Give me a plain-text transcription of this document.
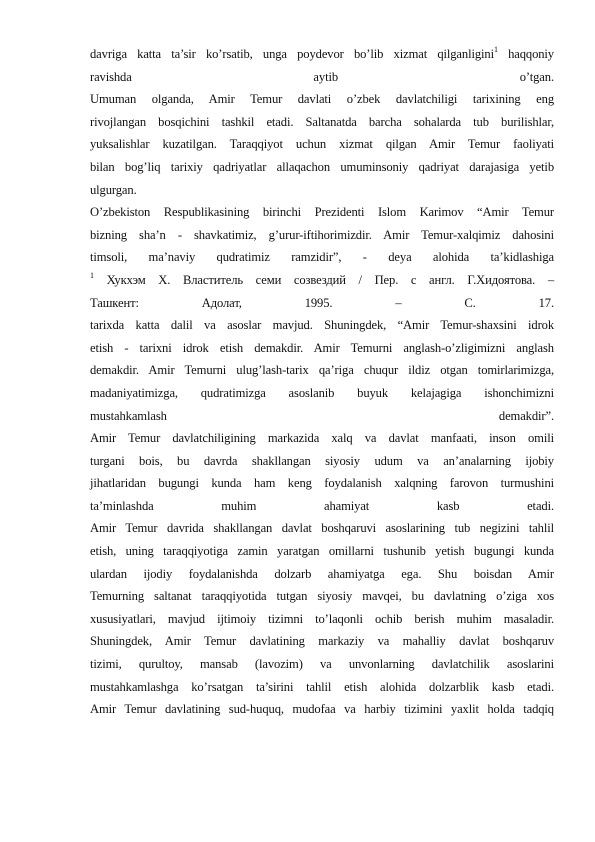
davriga katta ta’sir ko’rsatib, unga poydevor bo’lib xizmat qilganligini$^1$ haqqoniy
ravishda aytib o’tgan.
Umuman olganda, Amir Temur davlati o’zbek davlatchiligi tarixining eng
rivojlangan bosqichini tashkil etadi. Saltanatda barcha sohalarda tub burilishlar,
yuksalishlar kuzatilgan. Taraqqiyot uchun xizmat qilgan Amir Temur faoliyati
bilan bog’liq tarixiy qadriyatlar allaqachon umuminsoniy qadriyat darajasiga yetib
ulgurgan.
O’zbekiston Respublikasining birinchi Prezidenti Islom Karimov “Amir Temur
bizning sha’n - shavkatimiz, g’urur-iftihorimizdir. Amir Temur-xalqimiz dahosini
timsoli, ma’naviy qudratimiz ramzidir”, - deya alohida ta’kidlashiga
$^1$ Хукхэм Х. Властитель семи созвездий / Пер. с англ. Г.Хидоятова. –
Ташкент: Адолат, 1995. – С. 17.
tarixda katta dalil va asoslar mavjud. Shuningdek, “Amir Temur-shaxsini idrok
etish - tarixni idrok etish demakdir. Amir Temurni anglash-o’zligimizni anglash
demakdir. Amir Temurni ulug’lash-tarix qa’riga chuqur ildiz otgan tomirlarimizga,
madaniyatimizga, qudratimizga asoslanib buyuk kelajagiga ishonchimizni
mustahkamlash demakdir”.
Amir Temur davlatchiligining markazida xalq va davlat manfaati, inson omili
turgani bois, bu davrda shakllangan siyosiy udum va an’analarning ijobiy
jihatlaridan bugungi kunda ham keng foydalanish xalqning farovon turmushini
ta’minlashda muhim ahamiyat kasb etadi.
Amir Temur davrida shakllangan davlat boshqaruvi asoslarining tub negizini tahlil
etish, uning taraqqiyotiga zamin yaratgan omillarni tushunib yetish bugungi kunda
ulardan ijodiy foydalanishda dolzarb ahamiyatga ega. Shu boisdan Amir
Temurning saltanat taraqqiyotida tutgan siyosiy mavqei, bu davlatning o’ziga xos
xususiyatlari, mavjud ijtimoiy tizimni to’laqonli ochib berish muhim masaladir.
Shuningdek, Amir Temur davlatining markaziy va mahalliy davlat boshqaruv
tizimi, qurultoy, mansab (lavozim) va unvonlarning davlatchilik asoslarini
mustahkamlashga ko’rsatgan ta’sirini tahlil etish alohida dolzarblik kasb etadi.
Amir Temur davlatining sud-huquq, mudofaa va harbiy tizimini yaxlit holda tadqiq
